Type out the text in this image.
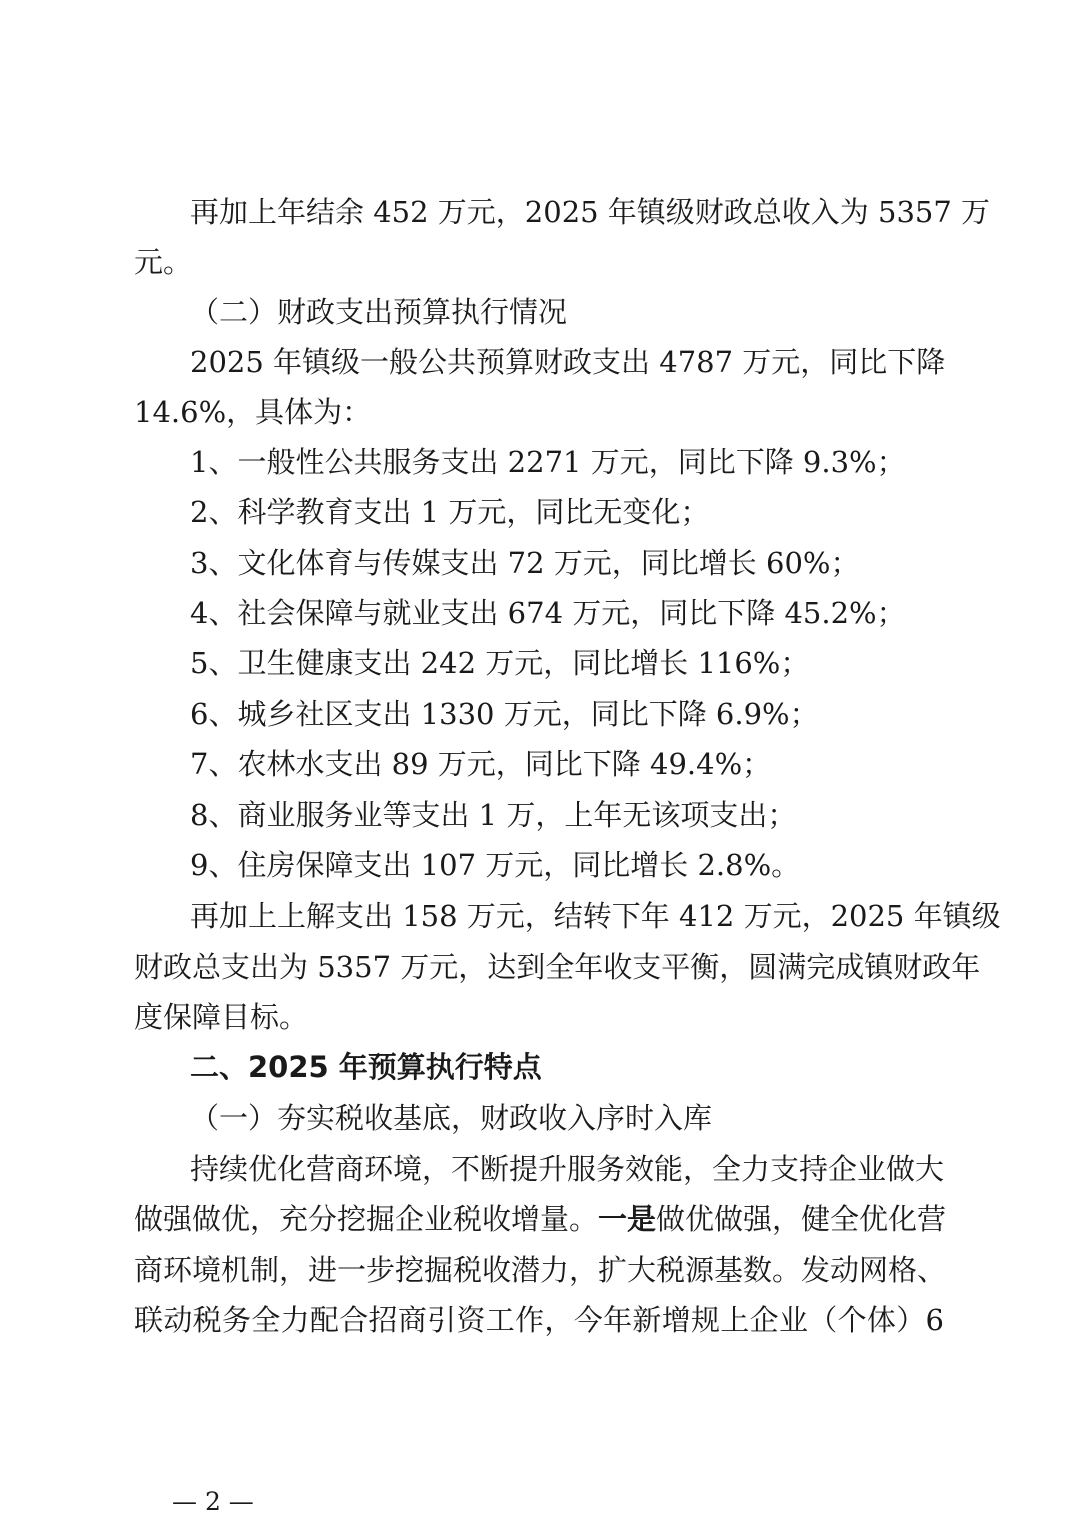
再加上年结余 452 万元，2025 年镇级财政总收入为 5357 万
元。
（二）财政支出预算执行情况
2025 年镇级一般公共预算财政支出 4787 万元，同比下降
14.6%，具体为：
1、一般性公共服务支出 2271 万元，同比下降 9.3%；
2、科学教育支出 1 万元，同比无变化；
3、文化体育与传媒支出 72 万元，同比增长 60%；
4、社会保障与就业支出 674 万元，同比下降 45.2%；
5、卫生健康支出 242 万元，同比增长 116%；
6、城乡社区支出 1330 万元，同比下降 6.9%；
7、农林水支出 89 万元，同比下降 49.4%；
8、商业服务业等支出 1 万，上年无该项支出；
9、住房保障支出 107 万元，同比增长 2.8%。
再加上上解支出 158 万元，结转下年 412 万元，2025 年镇级
财政总支出为 5357 万元，达到全年收支平衡，圆满完成镇财政年
度保障目标。
二、2025 年预算执行特点
（一）夯实税收基底，财政收入序时入库
持续优化营商环境，不断提升服务效能，全力支持企业做大
做强做优，充分挖掘企业税收增量。一是做优做强，健全优化营
商环境机制，进一步挖掘税收潜力，扩大税源基数。发动网格、
联动税务全力配合招商引资工作，今年新增规上企业（个体）6
— 2 —
